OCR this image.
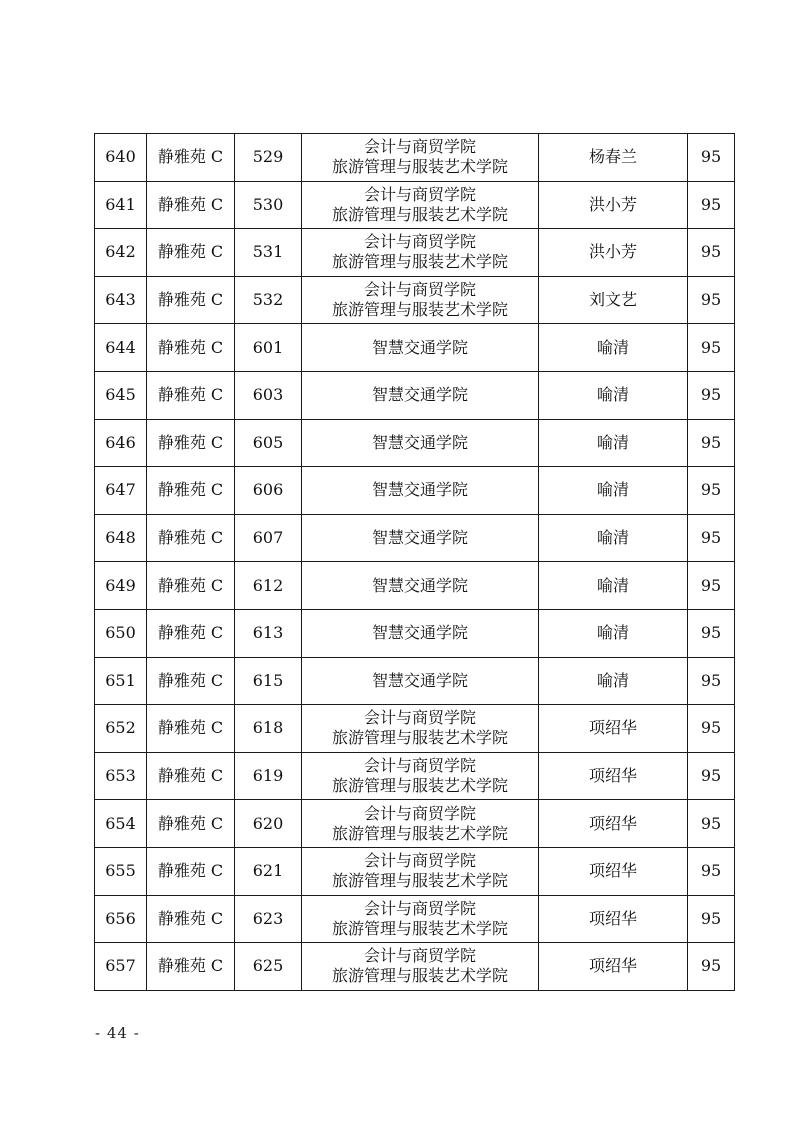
640	静雅苑 C	529	会计与商贸学院
旅游管理与服装艺术学院	杨春兰	95
641	静雅苑 C	530	会计与商贸学院
旅游管理与服装艺术学院	洪小芳	95
642	静雅苑 C	531	会计与商贸学院
旅游管理与服装艺术学院	洪小芳	95
643	静雅苑 C	532	会计与商贸学院
旅游管理与服装艺术学院	刘文艺	95
644	静雅苑 C	601	智慧交通学院	喻清	95
645	静雅苑 C	603	智慧交通学院	喻清	95
646	静雅苑 C	605	智慧交通学院	喻清	95
647	静雅苑 C	606	智慧交通学院	喻清	95
648	静雅苑 C	607	智慧交通学院	喻清	95
649	静雅苑 C	612	智慧交通学院	喻清	95
650	静雅苑 C	613	智慧交通学院	喻清	95
651	静雅苑 C	615	智慧交通学院	喻清	95
652	静雅苑 C	618	会计与商贸学院
旅游管理与服装艺术学院	项绍华	95
653	静雅苑 C	619	会计与商贸学院
旅游管理与服装艺术学院	项绍华	95
654	静雅苑 C	620	会计与商贸学院
旅游管理与服装艺术学院	项绍华	95
655	静雅苑 C	621	会计与商贸学院
旅游管理与服装艺术学院	项绍华	95
656	静雅苑 C	623	会计与商贸学院
旅游管理与服装艺术学院	项绍华	95
657	静雅苑 C	625	会计与商贸学院
旅游管理与服装艺术学院	项绍华	95
- 44 -
